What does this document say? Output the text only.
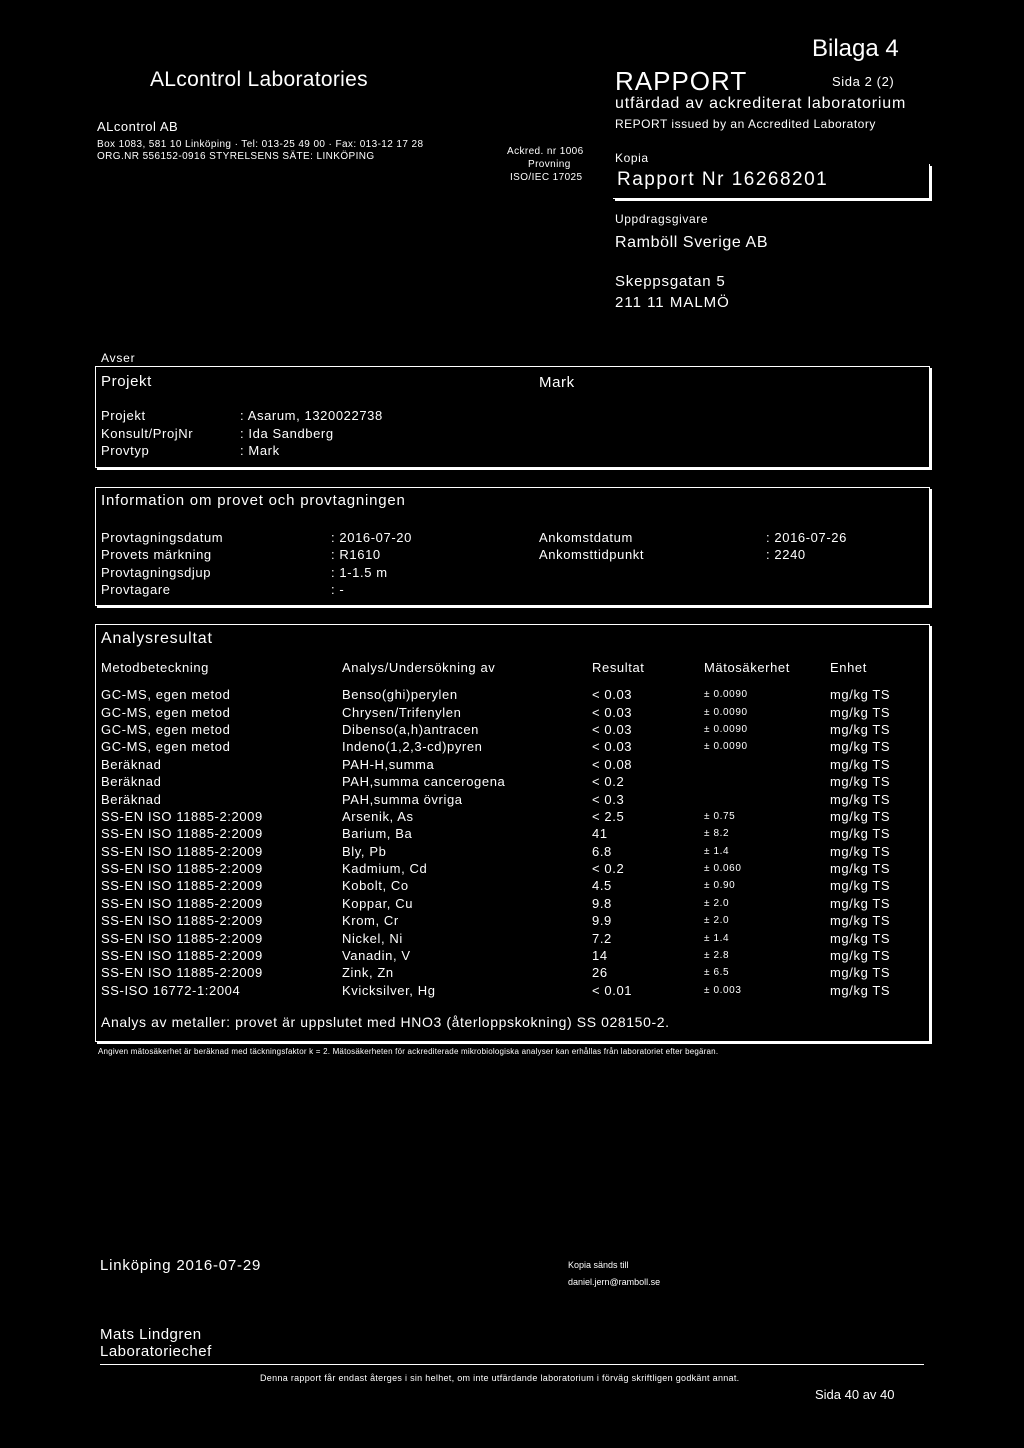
ALcontrol Laboratories
Bilaga 4
RAPPORT	Sida 2 (2)
utfärdad av ackrediterat laboratorium
REPORT issued by an Accredited Laboratory
ALcontrol AB
Box 1083, 581 10 Linköping · Tel: 013-25 49 00 · Fax: 013-12 17 28
ORG.NR 556152-0916 STYRELSENS SÄTE: LINKÖPING	Ackred. nr 1006
Provning
ISO/IEC 17025
Kopia
Rapport Nr 16268201
Uppdragsgivare
Ramböll Sverige AB
Skeppsgatan 5
211 11 MALMÖ
Avser
Projekt	Mark
Projekt	: Asarum, 1320022738
Konsult/ProjNr	: Ida Sandberg
Provtyp	: Mark
Information om provet och provtagningen
Provtagningsdatum	: 2016-07-20
Provets märkning	: R1610
Provtagningsdjup	: 1-1.5 m
Provtagare	: -
Ankomstdatum	: 2016-07-26
Ankomsttidpunkt	: 2240
Analysresultat
Metodbeteckning	Analys/Undersökning av	Resultat	Mätosäkerhet	Enhet
GC-MS, egen metod	Benso(ghi)perylen	< 0.03	± 0.0090	mg/kg TS
GC-MS, egen metod	Chrysen/Trifenylen	< 0.03	± 0.0090	mg/kg TS
GC-MS, egen metod	Dibenso(a,h)antracen	< 0.03	± 0.0090	mg/kg TS
GC-MS, egen metod	Indeno(1,2,3-cd)pyren	< 0.03	± 0.0090	mg/kg TS
Beräknad	PAH-H,summa	< 0.08		mg/kg TS
Beräknad	PAH,summa cancerogena	< 0.2		mg/kg TS
Beräknad	PAH,summa övriga	< 0.3		mg/kg TS
SS-EN ISO 11885-2:2009	Arsenik, As	< 2.5	± 0.75	mg/kg TS
SS-EN ISO 11885-2:2009	Barium, Ba	41	± 8.2	mg/kg TS
SS-EN ISO 11885-2:2009	Bly, Pb	6.8	± 1.4	mg/kg TS
SS-EN ISO 11885-2:2009	Kadmium, Cd	< 0.2	± 0.060	mg/kg TS
SS-EN ISO 11885-2:2009	Kobolt, Co	4.5	± 0.90	mg/kg TS
SS-EN ISO 11885-2:2009	Koppar, Cu	9.8	± 2.0	mg/kg TS
SS-EN ISO 11885-2:2009	Krom, Cr	9.9	± 2.0	mg/kg TS
SS-EN ISO 11885-2:2009	Nickel, Ni	7.2	± 1.4	mg/kg TS
SS-EN ISO 11885-2:2009	Vanadin, V	14	± 2.8	mg/kg TS
SS-EN ISO 11885-2:2009	Zink, Zn	26	± 6.5	mg/kg TS
SS-ISO 16772-1:2004	Kvicksilver, Hg	< 0.01	± 0.003	mg/kg TS
Analys av metaller: provet är uppslutet med HNO3 (återloppskokning) SS 028150-2.
Angiven mätosäkerhet är beräknad med täckningsfaktor k = 2. Mätosäkerheten för ackrediterade mikrobiologiska analyser kan erhållas från laboratoriet efter begäran.
Linköping 2016-07-29	Kopia sänds till
daniel.jern@ramboll.se
Mats Lindgren
Laboratoriechef
Denna rapport får endast återges i sin helhet, om inte utfärdande laboratorium i förväg skriftligen godkänt annat.
Sida 40 av 40
